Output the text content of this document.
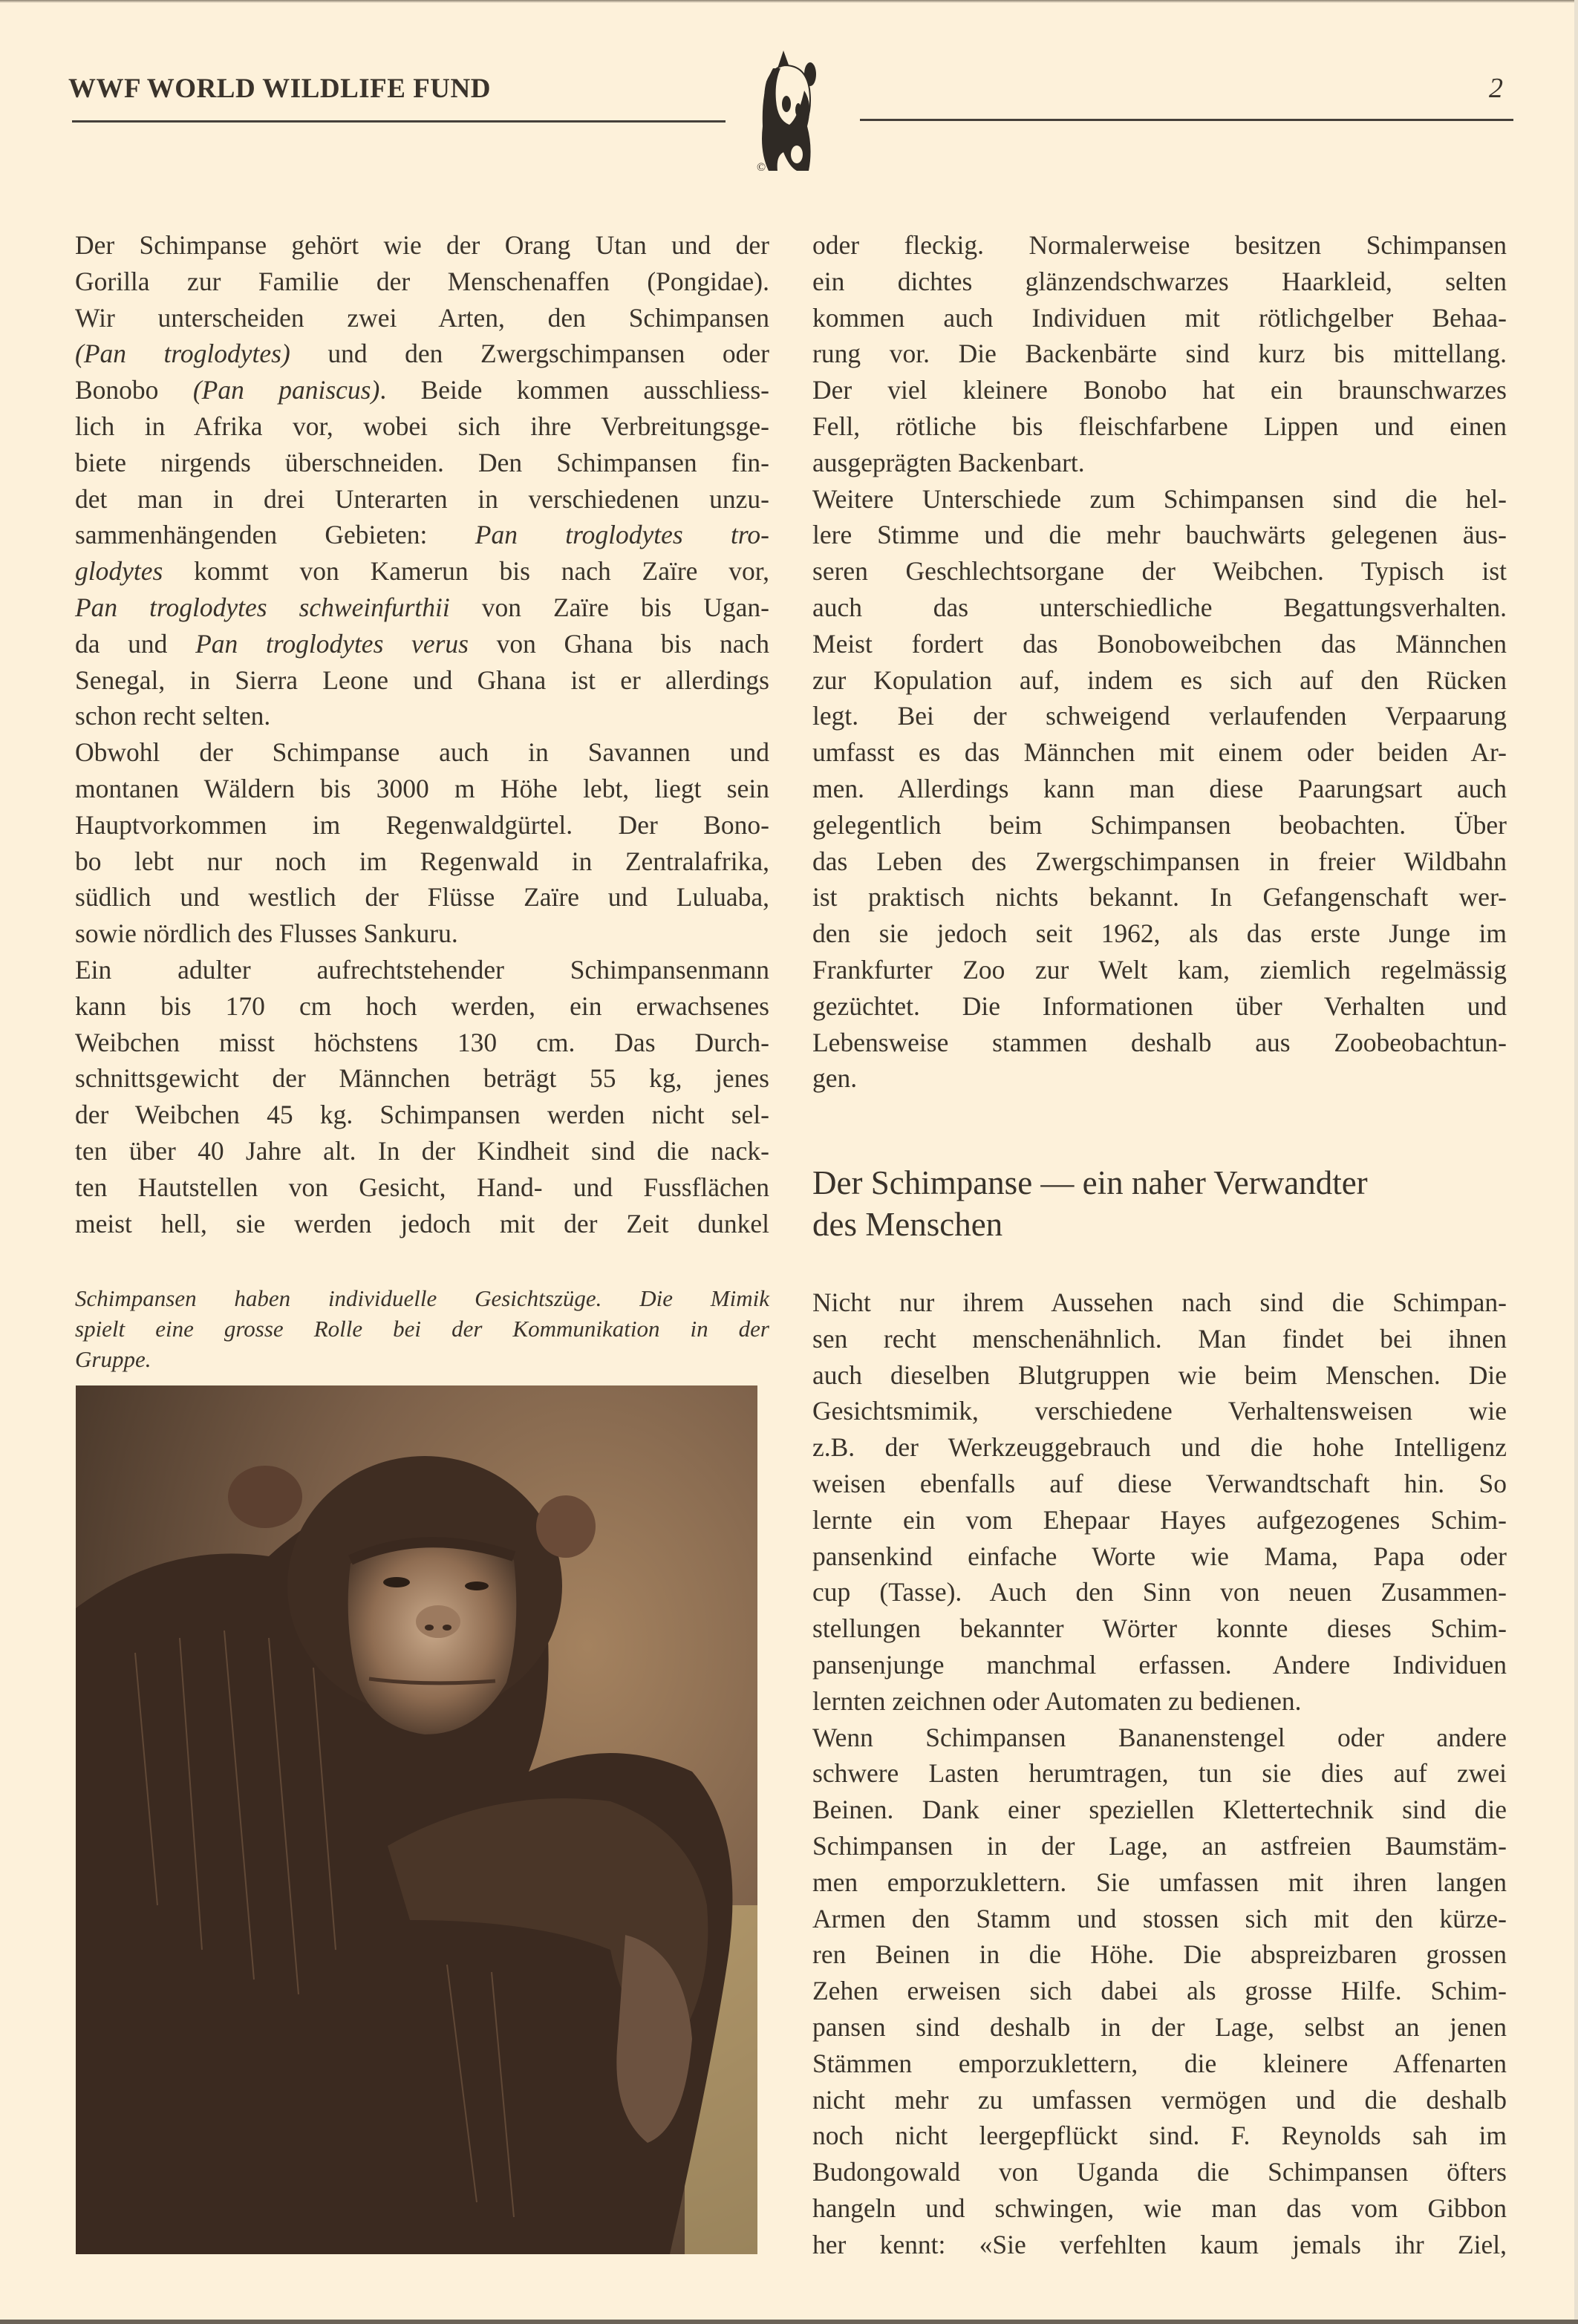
WWF WORLD WILDLIFE FUND	2
©

Der Schimpanse gehört wie der Orang Utan und der
Gorilla zur Familie der Menschenaffen (Pongidae).
Wir unterscheiden zwei Arten, den Schimpansen
(Pan troglodytes) und den Zwergschimpansen oder
Bonobo (Pan paniscus). Beide kommen ausschliess-
lich in Afrika vor, wobei sich ihre Verbreitungsge-
biete nirgends überschneiden. Den Schimpansen fin-
det man in drei Unterarten in verschiedenen unzu-
sammenhängenden Gebieten: Pan troglodytes tro-
glodytes kommt von Kamerun bis nach Zaïre vor,
Pan troglodytes schweinfurthii von Zaïre bis Ugan-
da und Pan troglodytes verus von Ghana bis nach
Senegal, in Sierra Leone und Ghana ist er allerdings
schon recht selten.

Obwohl der Schimpanse auch in Savannen und
montanen Wäldern bis 3000 m Höhe lebt, liegt sein
Hauptvorkommen im Regenwaldgürtel. Der Bono-
bo lebt nur noch im Regenwald in Zentralafrika,
südlich und westlich der Flüsse Zaïre und Luluaba,
sowie nördlich des Flusses Sankuru.

Ein adulter aufrechtstehender Schimpansenmann
kann bis 170 cm hoch werden, ein erwachsenes
Weibchen misst höchstens 130 cm. Das Durch-
schnittsgewicht der Männchen beträgt 55 kg, jenes
der Weibchen 45 kg. Schimpansen werden nicht sel-
ten über 40 Jahre alt. In der Kindheit sind die nack-
ten Hautstellen von Gesicht, Hand- und Fussflächen
meist hell, sie werden jedoch mit der Zeit dunkel

Schimpansen haben individuelle Gesichtszüge. Die Mimik
spielt eine grosse Rolle bei der Kommunikation in der
Gruppe.

oder fleckig. Normalerweise besitzen Schimpansen
ein dichtes glänzendschwarzes Haarkleid, selten
kommen auch Individuen mit rötlichgelber Behaa-
rung vor. Die Backenbärte sind kurz bis mittellang.
Der viel kleinere Bonobo hat ein braunschwarzes
Fell, rötliche bis fleischfarbene Lippen und einen
ausgeprägten Backenbart.

Weitere Unterschiede zum Schimpansen sind die hel-
lere Stimme und die mehr bauchwärts gelegenen äus-
seren Geschlechtsorgane der Weibchen. Typisch ist
auch das unterschiedliche Begattungsverhalten.
Meist fordert das Bonoboweibchen das Männchen
zur Kopulation auf, indem es sich auf den Rücken
legt. Bei der schweigend verlaufenden Verpaarung
umfasst es das Männchen mit einem oder beiden Ar-
men. Allerdings kann man diese Paarungsart auch
gelegentlich beim Schimpansen beobachten. Über
das Leben des Zwergschimpansen in freier Wildbahn
ist praktisch nichts bekannt. In Gefangenschaft wer-
den sie jedoch seit 1962, als das erste Junge im
Frankfurter Zoo zur Welt kam, ziemlich regelmässig
gezüchtet. Die Informationen über Verhalten und
Lebensweise stammen deshalb aus Zoobeobachtun-
gen.

Der Schimpanse — ein naher Verwandter
des Menschen

Nicht nur ihrem Aussehen nach sind die Schimpan-
sen recht menschenähnlich. Man findet bei ihnen
auch dieselben Blutgruppen wie beim Menschen. Die
Gesichtsmimik, verschiedene Verhaltensweisen wie
z.B. der Werkzeuggebrauch und die hohe Intelligenz
weisen ebenfalls auf diese Verwandtschaft hin. So
lernte ein vom Ehepaar Hayes aufgezogenes Schim-
pansenkind einfache Worte wie Mama, Papa oder
cup (Tasse). Auch den Sinn von neuen Zusammen-
stellungen bekannter Wörter konnte dieses Schim-
pansenjunge manchmal erfassen. Andere Individuen
lernten zeichnen oder Automaten zu bedienen.

Wenn Schimpansen Bananenstengel oder andere
schwere Lasten herumtragen, tun sie dies auf zwei
Beinen. Dank einer speziellen Klettertechnik sind die
Schimpansen in der Lage, an astfreien Baumstäm-
men emporzuklettern. Sie umfassen mit ihren langen
Armen den Stamm und stossen sich mit den kürze-
ren Beinen in die Höhe. Die abspreizbaren grossen
Zehen erweisen sich dabei als grosse Hilfe. Schim-
pansen sind deshalb in der Lage, selbst an jenen
Stämmen emporzuklettern, die kleinere Affenarten
nicht mehr zu umfassen vermögen und die deshalb
noch nicht leergepflückt sind. F. Reynolds sah im
Budongowald von Uganda die Schimpansen öfters
hangeln und schwingen, wie man das vom Gibbon
her kennt: «Sie verfehlten kaum jemals ihr Ziel,
